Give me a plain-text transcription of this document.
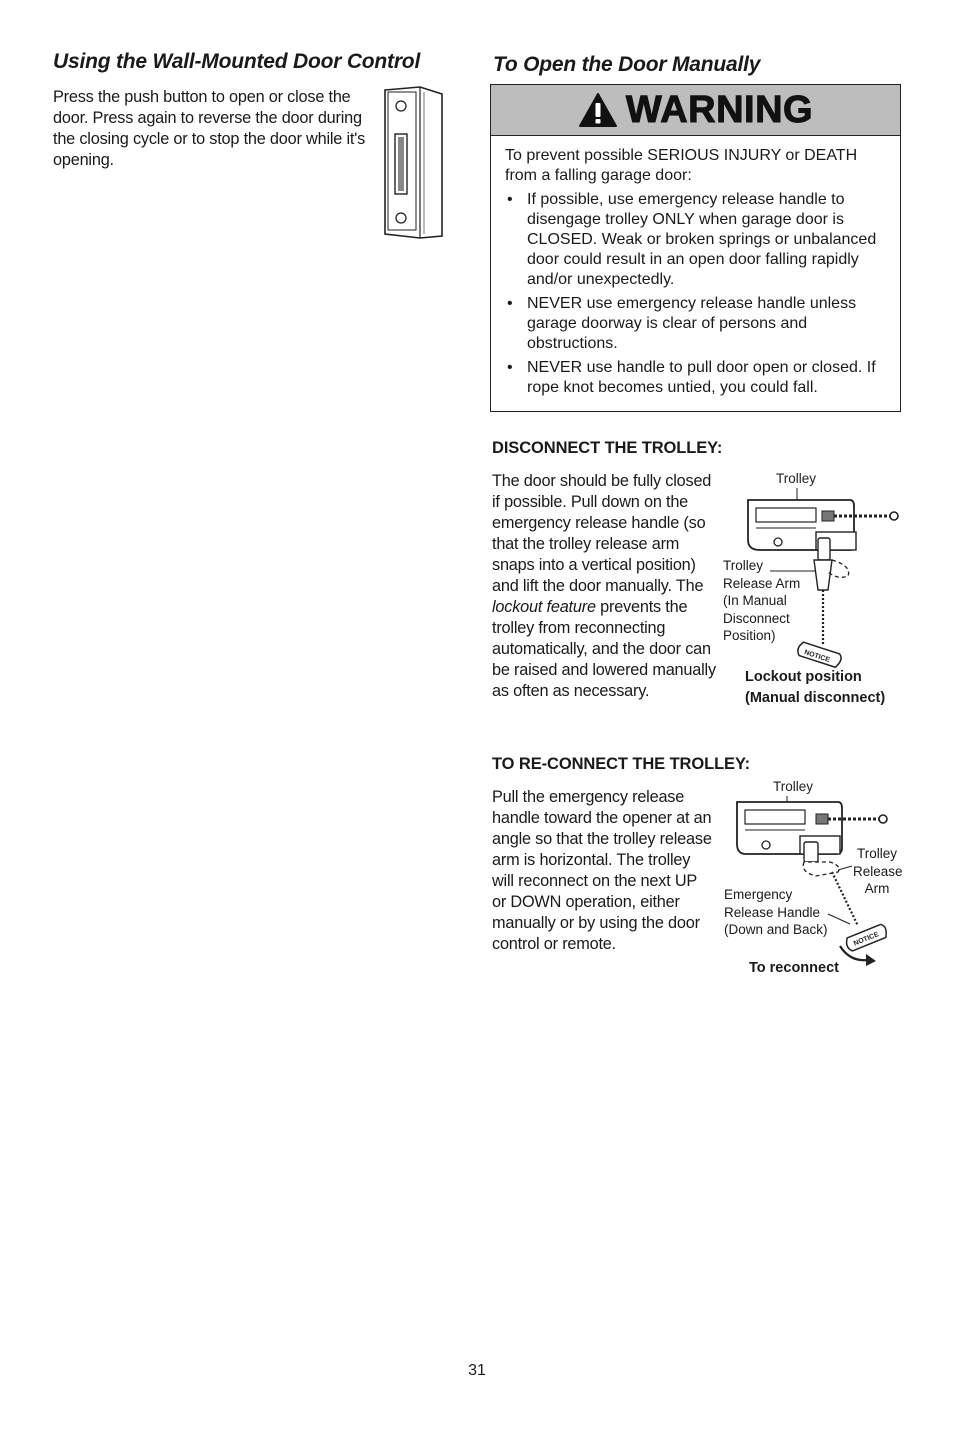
Using the Wall-Mounted Door Control

Press the push button to open or close the door. Press again to reverse the door during the closing cycle or to stop the door while it's opening.

To Open the Door Manually
WARNING
To prevent possible SERIOUS INJURY or DEATH from a falling garage door:
• If possible, use emergency release handle to disengage trolley ONLY when garage door is CLOSED. Weak or broken springs or unbalanced door could result in an open door falling rapidly and/or unexpectedly.
• NEVER use emergency release handle unless garage doorway is clear of persons and obstructions.
• NEVER use handle to pull door open or closed. If rope knot becomes untied, you could fall.
DISCONNECT THE TROLLEY:

The door should be fully closed if possible. Pull down on the emergency release handle (so that the trolley release arm snaps into a vertical position) and lift the door manually. The lockout feature prevents the trolley from reconnecting automatically, and the door can be raised and lowered manually as often as necessary.

Trolley
NOTICE
Trolley
Release Arm
(In Manual
Disconnect
Position)
Lockout position
(Manual disconnect)
TO RE-CONNECT THE TROLLEY:

Pull the emergency release handle toward the opener at an angle so that the trolley release arm is horizontal. The trolley will reconnect on the next UP or DOWN operation, either manually or by using the door control or remote.

Trolley
NOTICE
Trolley
Release
Arm
Emergency
Release Handle
(Down and Back)
To reconnect
31
